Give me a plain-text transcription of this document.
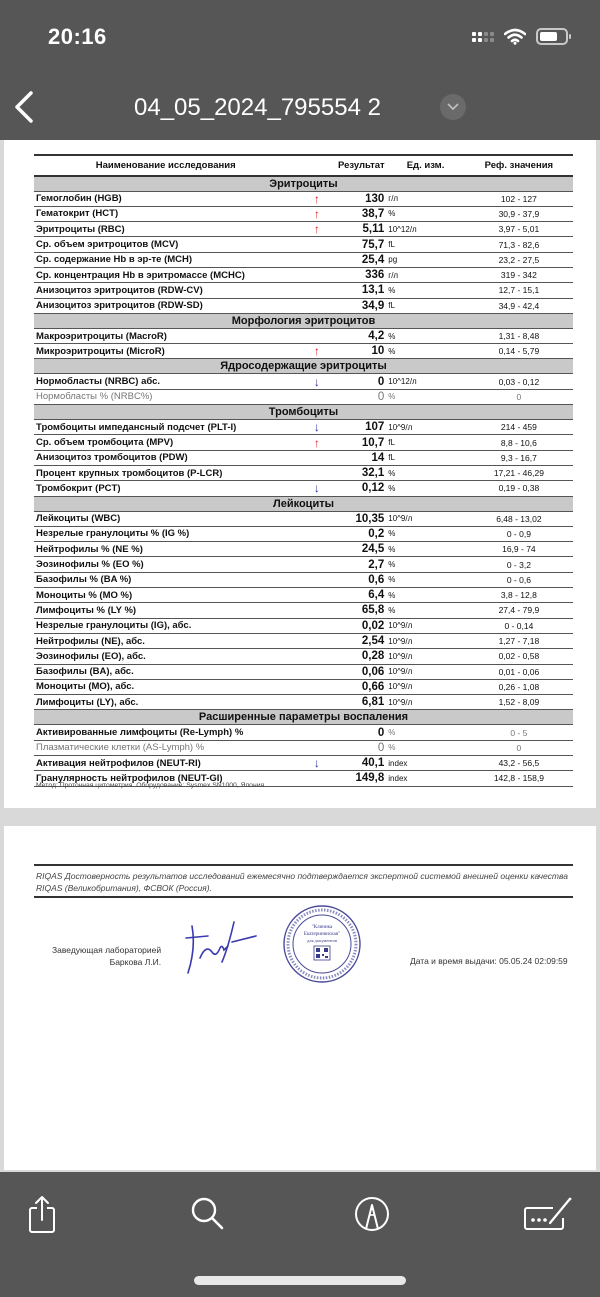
20:16
04_05_2024_795554 2
Наименование исследования		Результат	Ед. изм.	Реф. значения
Эритроциты				
Гемоглобин (HGB)	↑	130	г/л	102 - 127
Гематокрит (HCT)	↑	38,7	%	30,9 - 37,9
Эритроциты (RBC)	↑	5,11	10^12/л	3,97 - 5,01
Ср. объем эритроцитов (MCV)		75,7	fL	71,3 - 82,6
Ср. содержание Hb в эр-те (MCH)		25,4	pg	23,2 - 27,5
Ср. концентрация Hb в эритромассе (MCHC)		336	г/л	319 - 342
Анизоцитоз эритроцитов (RDW-CV)		13,1	%	12,7 - 15,1
Анизоцитоз эритроцитов (RDW-SD)		34,9	fL	34,9 - 42,4
Морфология эритроцитов				
Макроэритроциты (MacroR)		4,2	%	1,31 - 8,48
Микроэритроциты (MicroR)	↑	10	%	0,14 - 5,79
Ядросодержащие эритроциты				
Нормобласты (NRBC) абс.	↓	0	10^12/л	0,03 - 0,12
Нормобласты % (NRBC%)		0	%	0
Тромбоциты				
Тромбоциты импедансный подсчет (PLT-I)	↓	107	10^9/л	214 - 459
Ср. объем тромбоцита (MPV)	↑	10,7	fL	8,8 - 10,6
Анизоцитоз тромбоцитов (PDW)		14	fL	9,3 - 16,7
Процент крупных тромбоцитов (P-LCR)		32,1	%	17,21 - 46,29
Тромбокрит (PCT)	↓	0,12	%	0,19 - 0,38
Лейкоциты				
Лейкоциты (WBC)		10,35	10^9/л	6,48 - 13,02
Незрелые гранулоциты % (IG %)		0,2	%	0 - 0,9
Нейтрофилы % (NE %)		24,5	%	16,9 - 74
Эозинофилы % (EO %)		2,7	%	0 - 3,2
Базофилы % (BA %)		0,6	%	0 - 0,6
Моноциты % (MO %)		6,4	%	3,8 - 12,8
Лимфоциты % (LY %)		65,8	%	27,4 - 79,9
Незрелые гранулоциты (IG), абс.		0,02	10^9/л	0 - 0,14
Нейтрофилы (NE), абс.		2,54	10^9/л	1,27 - 7,18
Эозинофилы (EO), абс.		0,28	10^9/л	0,02 - 0,58
Базофилы (BA), абс.		0,06	10^9/л	0,01 - 0,06
Моноциты (MO), абс.		0,66	10^9/л	0,26 - 1,08
Лимфоциты (LY), абс.		6,81	10^9/л	1,52 - 8,09
Расширенные параметры воспаления				
Активированные лимфоциты (Re-Lymph) %		0	%	0 - 5
Плазматические клетки (AS-Lymph) %		0	%	0
Активация нейтрофилов (NEUT-RI)	↓	40,1	index	43,2 - 56,5
Гранулярность нейтрофилов (NEUT-GI)		149,8	index	142,8 - 158,9
Метод: Проточная цитометрия. Оборудование: Sysmex SN1000, Япония
RIQAS Достоверность результатов исследований ежемесячно подтверждается экспертной системой внешней оценки качества RIQAS (Великобритания), ФСВОК (Россия).
Заведующая лабораторией
Баркова Л.И.
"Клиника
Екатерининская"
для документов
Дата и время выдачи: 05.05.24 02:09:59
